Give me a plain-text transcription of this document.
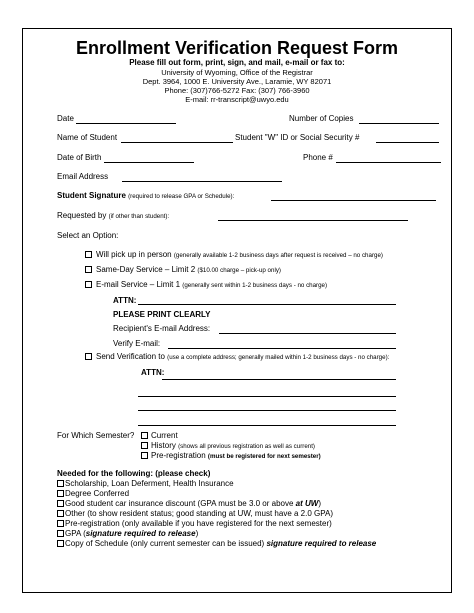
Enrollment Verification Request Form
Please fill out form, print, sign, and mail, e-mail or fax to:
University of Wyoming, Office of the Registrar
Dept. 3964, 1000 E. University Ave., Laramie, WY 82071
Phone: (307)766-5272 Fax: (307) 766-3960
E-mail: rr-transcript@uwyo.edu
Date	Number of Copies
Name of Student	Student "W" ID or Social Security #
Date of Birth	Phone #
Email Address
Student Signature (required to release GPA or Schedule):
Requested by (if other than student):
Select an Option:
Will pick up in person (generally available 1-2 business days after request is received – no charge)
Same-Day Service – Limit 2 ($10.00 charge – pick-up only)
E-mail Service – Limit 1 (generally sent within 1-2 business days - no charge)
ATTN:
PLEASE PRINT CLEARLY
Recipient's E-mail Address:
Verify E-mail:
Send Verification to (use a complete address; generally mailed within 1-2 business days - no charge):
ATTN:
For Which Semester? Current
History (shows all previous registration as well as current)
Pre-registration (must be registered for next semester)
Needed for the following: (please check)
Scholarship, Loan Deferment, Health Insurance
Degree Conferred
Good student car insurance discount (GPA must be 3.0 or above at UW)
Other (to show resident status; good standing at UW, must have a 2.0 GPA)
Pre-registration (only available if you have registered for the next semester)
GPA (signature required to release)
Copy of Schedule (only current semester can be issued) signature required to release
